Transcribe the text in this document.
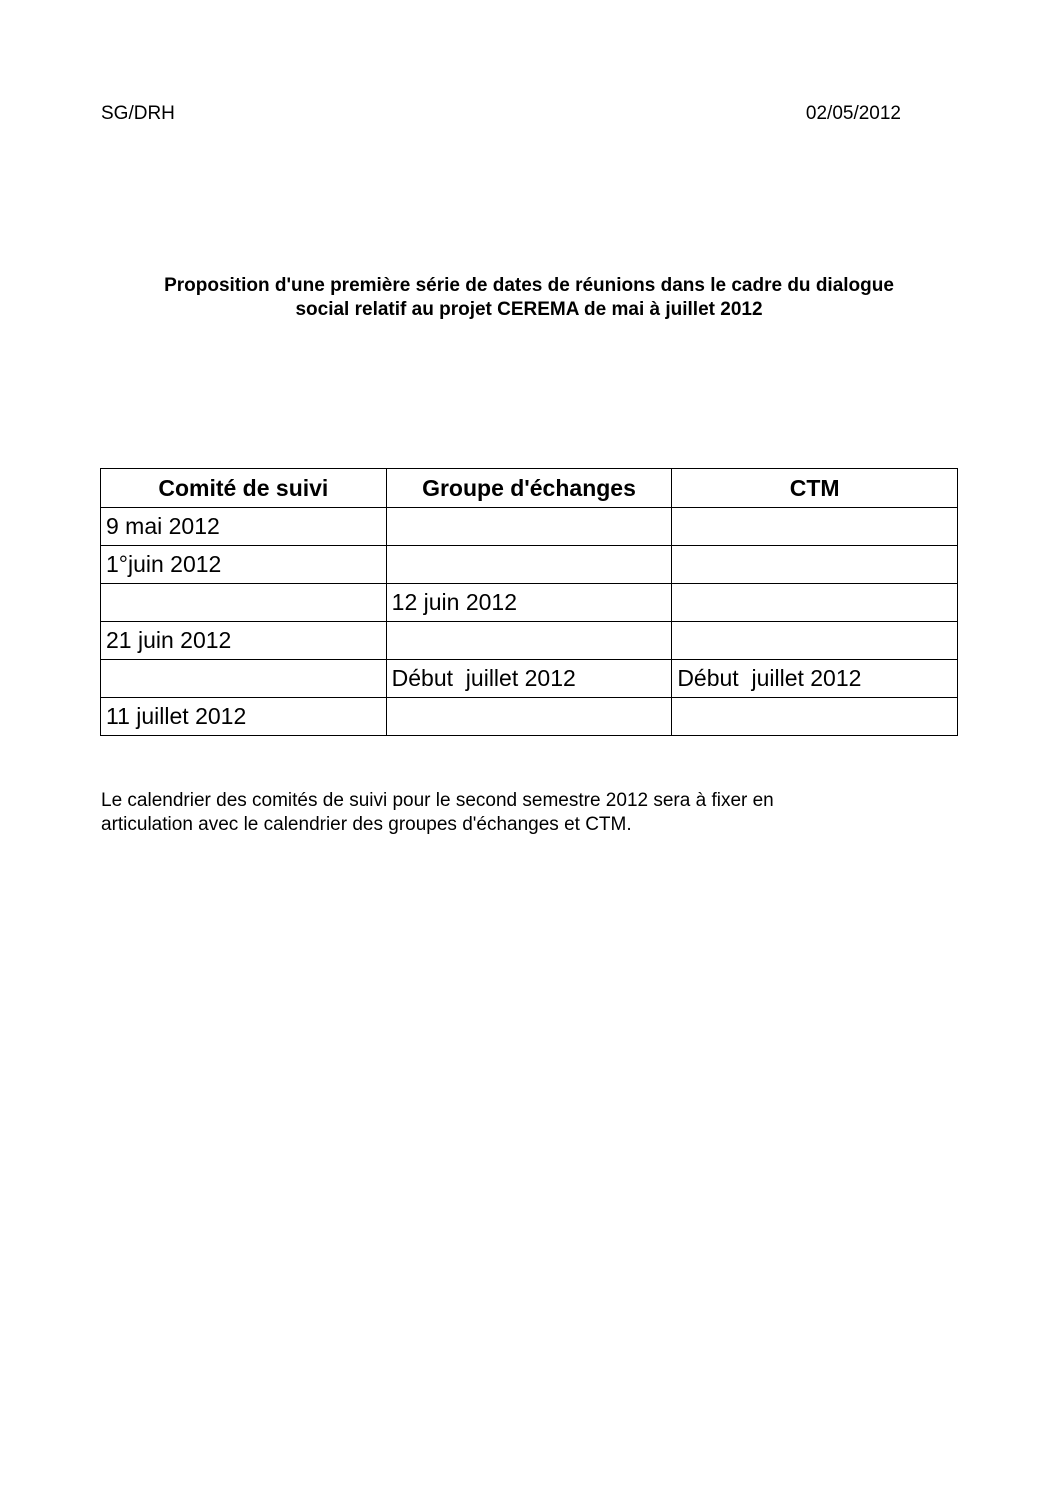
SG/DRH	02/05/2012
Proposition d'une première série de dates de réunions dans le cadre du dialogue
social relatif au projet CEREMA de mai à juillet 2012
Comité de suivi	Groupe d'échanges	CTM
9 mai 2012		
1°juin 2012		
	12 juin 2012	
21 juin 2012		
	Début  juillet 2012	Début  juillet 2012
11 juillet 2012		
Le calendrier des comités de suivi pour le second semestre 2012 sera à fixer en
articulation avec le calendrier des groupes d'échanges et CTM.
